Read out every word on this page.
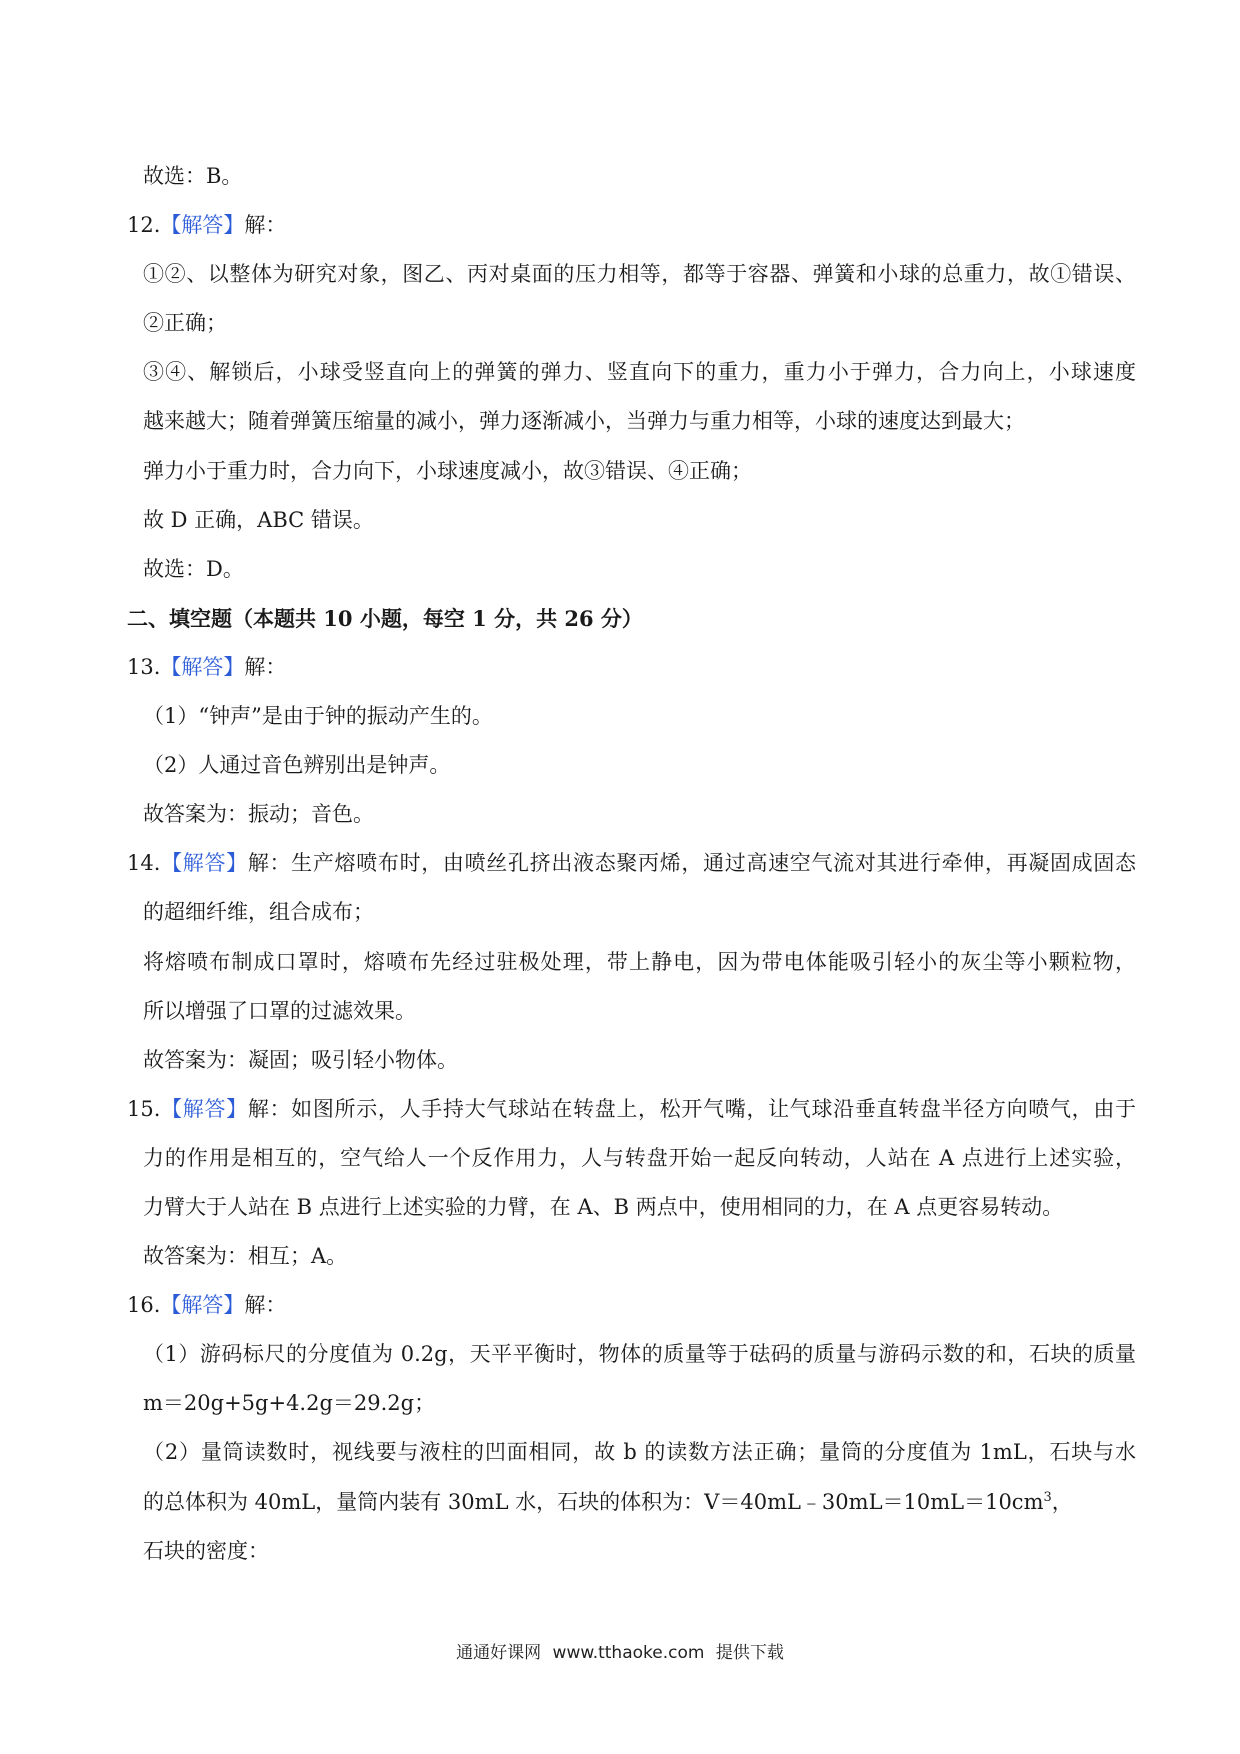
故选：B。
12.【解答】解：
①②、以整体为研究对象，图乙、丙对桌面的压力相等，都等于容器、弹簧和小球的总重力，故①错误、
②正确；
③④、解锁后，小球受竖直向上的弹簧的弹力、竖直向下的重力，重力小于弹力，合力向上，小球速度
越来越大；随着弹簧压缩量的减小，弹力逐渐减小，当弹力与重力相等，小球的速度达到最大；
弹力小于重力时，合力向下，小球速度减小，故③错误、④正确；
故 D 正确，ABC 错误。
故选：D。
二、填空题（本题共 10 小题，每空 1 分，共 26 分）
13.【解答】解：
（1）“钟声”是由于钟的振动产生的。
（2）人通过音色辨别出是钟声。
故答案为：振动；音色。
14.【解答】解：生产熔喷布时，由喷丝孔挤出液态聚丙烯，通过高速空气流对其进行牵伸，再凝固成固态
的超细纤维，组合成布；
将熔喷布制成口罩时，熔喷布先经过驻极处理，带上静电，因为带电体能吸引轻小的灰尘等小颗粒物，
所以增强了口罩的过滤效果。
故答案为：凝固；吸引轻小物体。
15.【解答】解：如图所示，人手持大气球站在转盘上，松开气嘴，让气球沿垂直转盘半径方向喷气，由于
力的作用是相互的，空气给人一个反作用力，人与转盘开始一起反向转动，人站在 A 点进行上述实验，
力臂大于人站在 B 点进行上述实验的力臂，在 A、B 两点中，使用相同的力，在 A 点更容易转动。
故答案为：相互；A。
16.【解答】解：
（1）游码标尺的分度值为 0.2g，天平平衡时，物体的质量等于砝码的质量与游码示数的和，石块的质量
m＝20g+5g+4.2g＝29.2g；
（2）量筒读数时，视线要与液柱的凹面相同，故 b 的读数方法正确；量筒的分度值为 1mL，石块与水
的总体积为 40mL，量筒内装有 30mL 水，石块的体积为：$V=40mL﹣30mL=10mL=10cm^3$，
石块的密度：
通通好课网 www.tthaoke.com 提供下载
